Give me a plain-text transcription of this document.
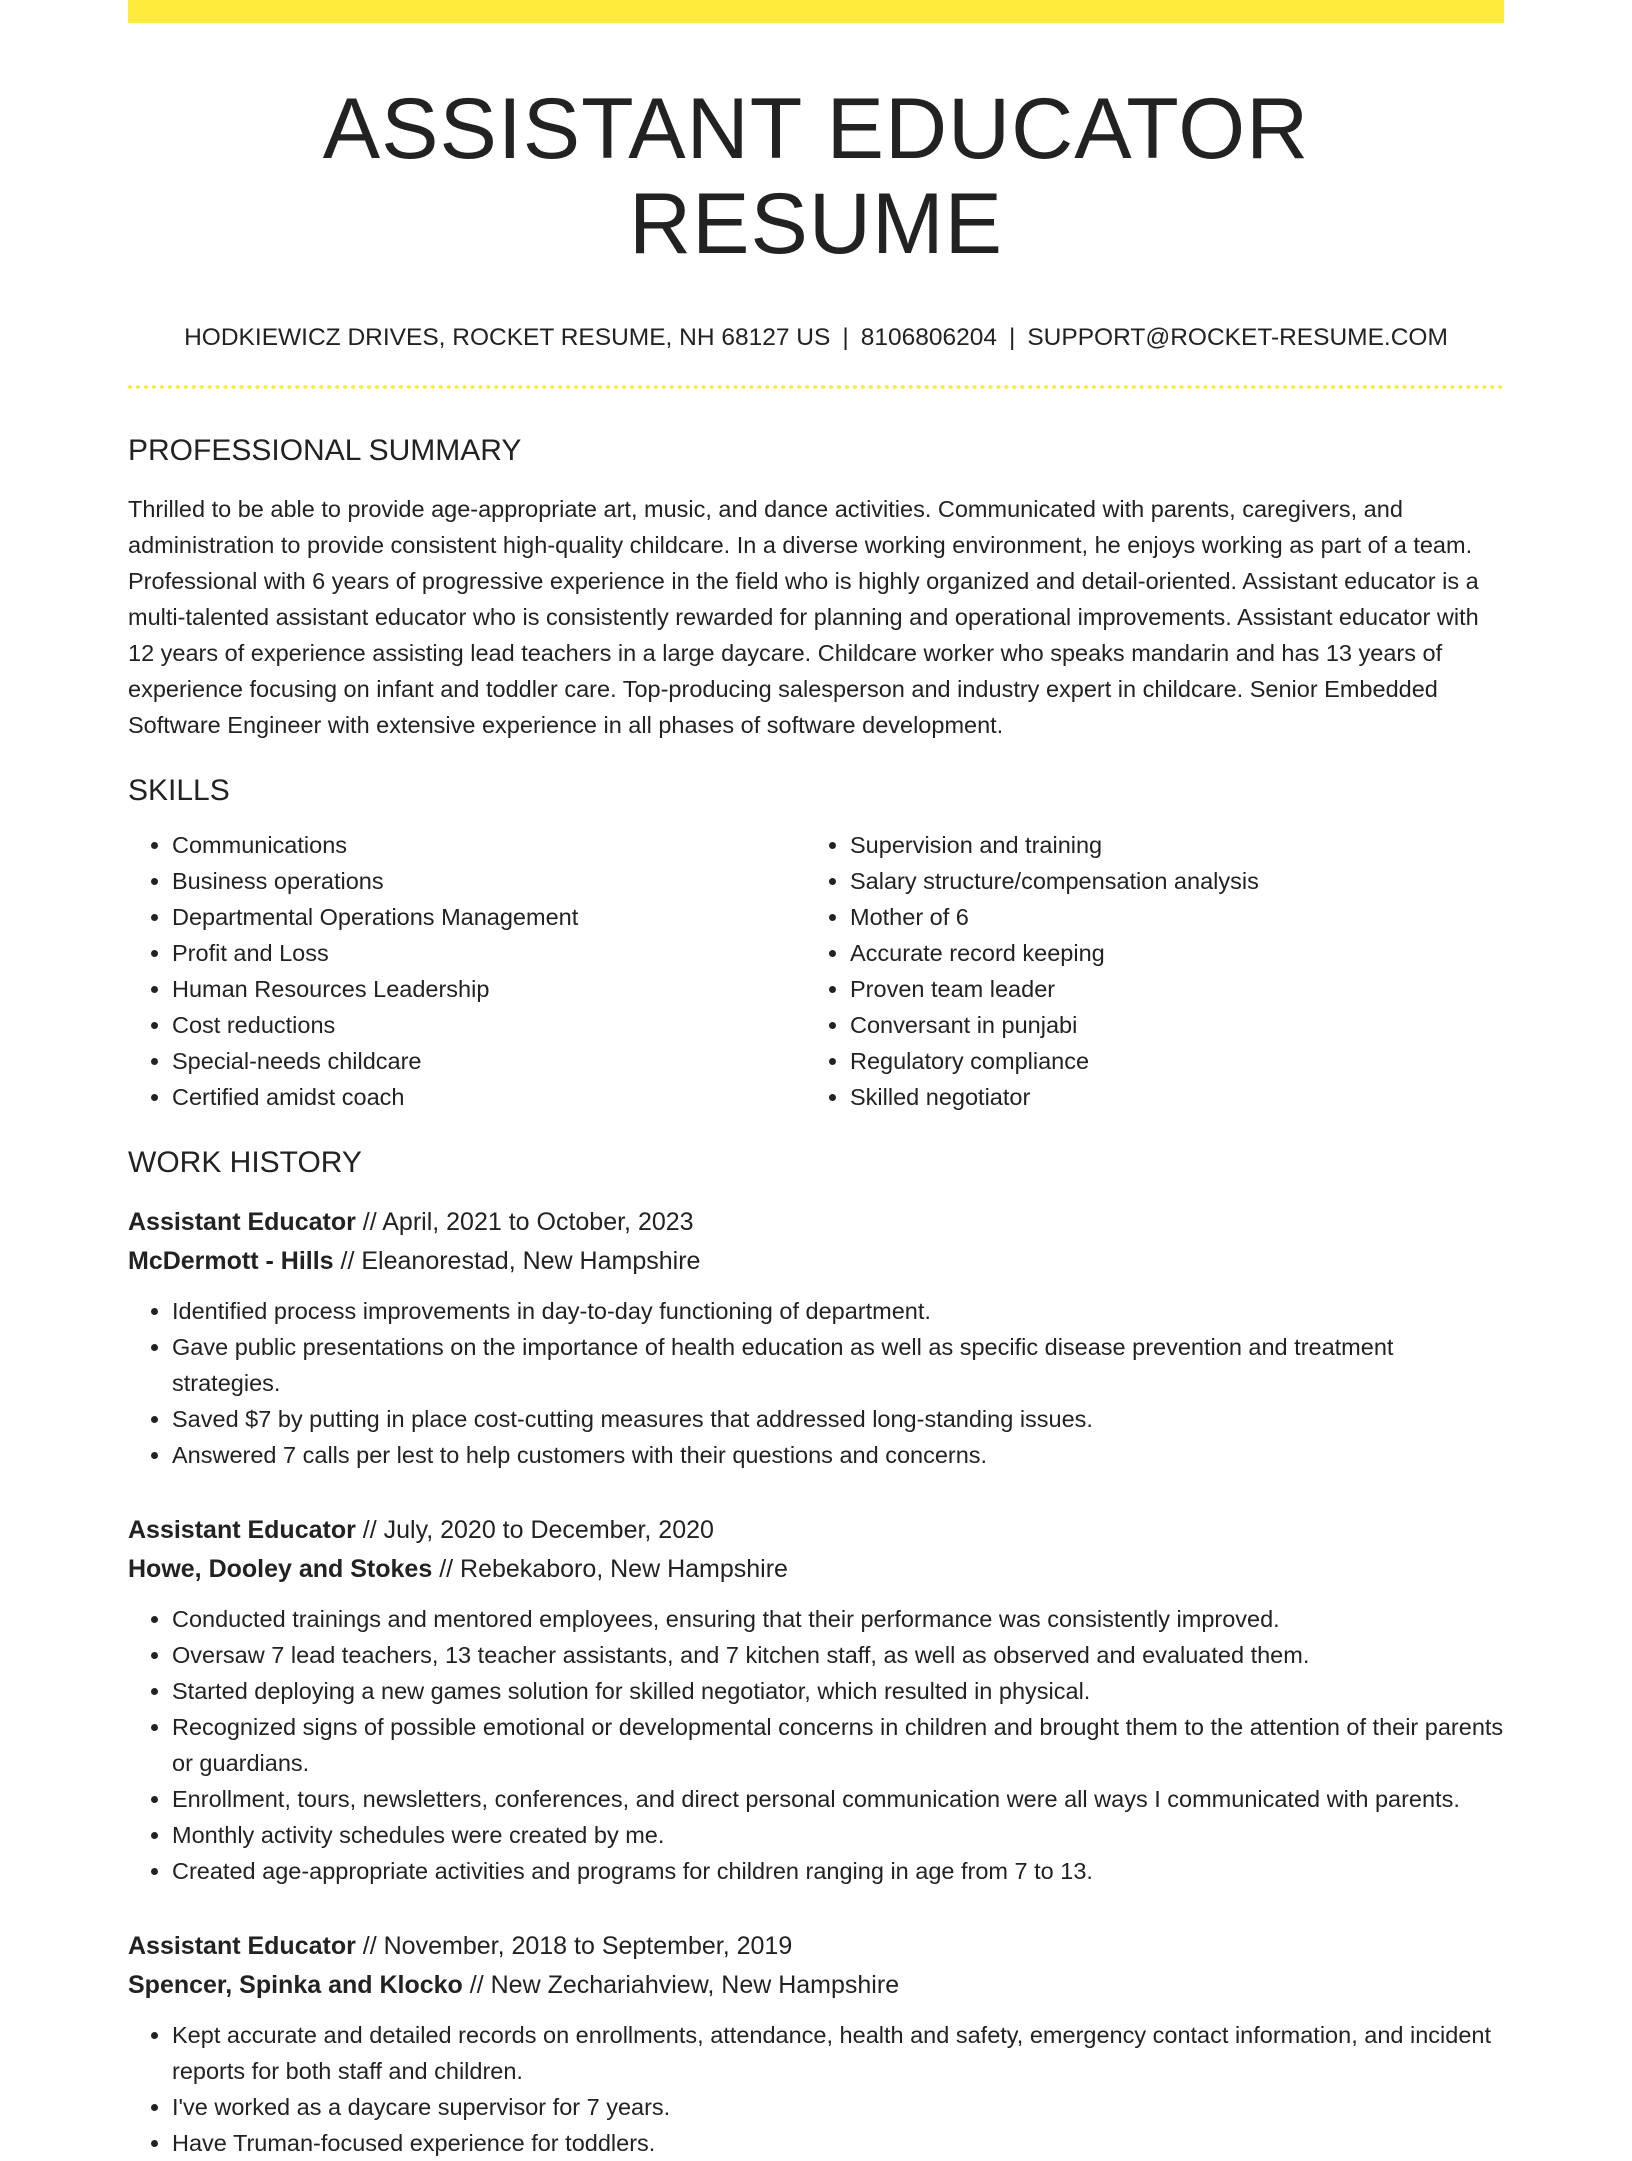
ASSISTANT EDUCATOR RESUME
HODKIEWICZ DRIVES, ROCKET RESUME, NH 68127 US | 8106806204 | SUPPORT@ROCKET-RESUME.COM
PROFESSIONAL SUMMARY

Thrilled to be able to provide age-appropriate art, music, and dance activities. Communicated with parents, caregivers, and administration to provide consistent high-quality childcare. In a diverse working environment, he enjoys working as part of a team. Professional with 6 years of progressive experience in the field who is highly organized and detail-oriented. Assistant educator is a multi-talented assistant educator who is consistently rewarded for planning and operational improvements. Assistant educator with 12 years of experience assisting lead teachers in a large daycare. Childcare worker who speaks mandarin and has 13 years of experience focusing on infant and toddler care. Top-producing salesperson and industry expert in childcare. Senior Embedded Software Engineer with extensive experience in all phases of software development.

SKILLS
• Communications
• Business operations
• Departmental Operations Management
• Profit and Loss
• Human Resources Leadership
• Cost reductions
• Special-needs childcare
• Certified amidst coach
• Supervision and training
• Salary structure/compensation analysis
• Mother of 6
• Accurate record keeping
• Proven team leader
• Conversant in punjabi
• Regulatory compliance
• Skilled negotiator
WORK HISTORY
Assistant Educator // April, 2021 to October, 2023
McDermott - Hills // Eleanorestad, New Hampshire
• Identified process improvements in day-to-day functioning of department.
• Gave public presentations on the importance of health education as well as specific disease prevention and treatment strategies.
• Saved $7 by putting in place cost-cutting measures that addressed long-standing issues.
• Answered 7 calls per lest to help customers with their questions and concerns.
Assistant Educator // July, 2020 to December, 2020
Howe, Dooley and Stokes // Rebekaboro, New Hampshire
• Conducted trainings and mentored employees, ensuring that their performance was consistently improved.
• Oversaw 7 lead teachers, 13 teacher assistants, and 7 kitchen staff, as well as observed and evaluated them.
• Started deploying a new games solution for skilled negotiator, which resulted in physical.
• Recognized signs of possible emotional or developmental concerns in children and brought them to the attention of their parents or guardians.
• Enrollment, tours, newsletters, conferences, and direct personal communication were all ways I communicated with parents.
• Monthly activity schedules were created by me.
• Created age-appropriate activities and programs for children ranging in age from 7 to 13.
Assistant Educator // November, 2018 to September, 2019
Spencer, Spinka and Klocko // New Zechariahview, New Hampshire
• Kept accurate and detailed records on enrollments, attendance, health and safety, emergency contact information, and incident reports for both staff and children.
• I've worked as a daycare supervisor for 7 years.
• Have Truman-focused experience for toddlers.
